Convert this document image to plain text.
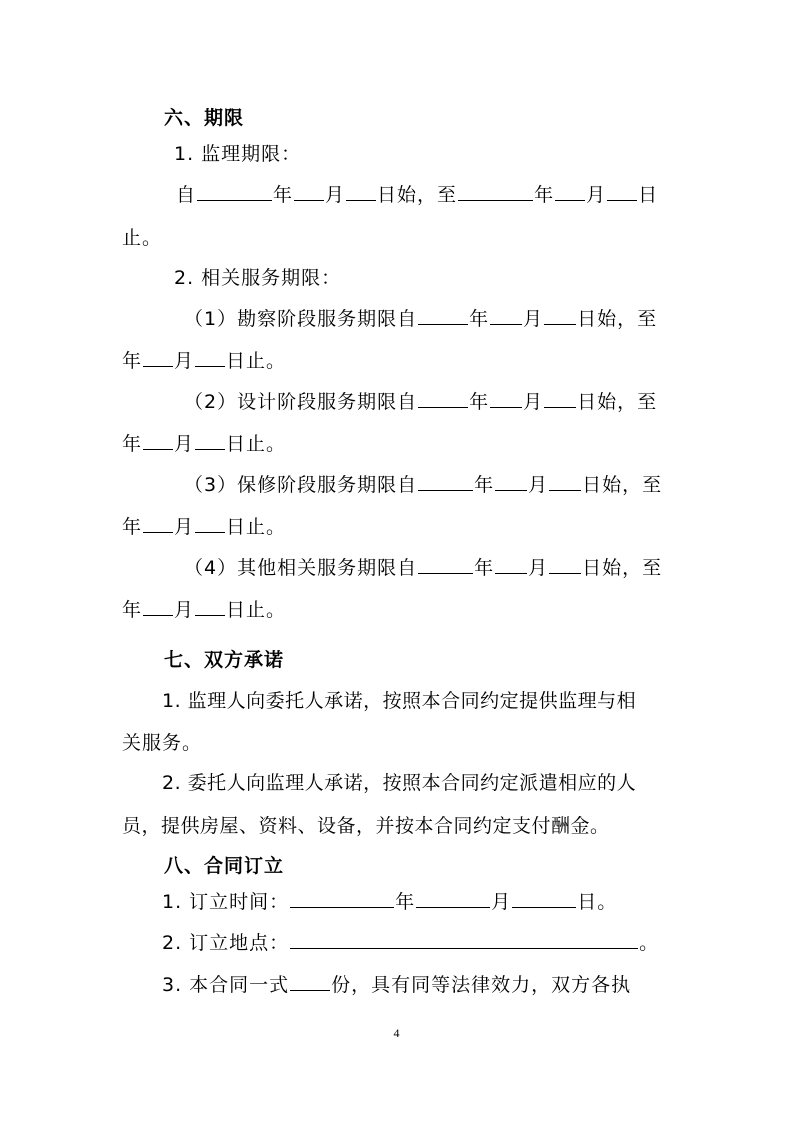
六、期限
1. 监理期限：
自	年 月 日始，至	年 月 日
止。
2. 相关服务期限：
（1）勘察阶段服务期限自	年 月 日始，至
年 月 日止。
（2）设计阶段服务期限自	年 月 日始，至
年 月 日止。
（3）保修阶段服务期限自	年 月 日始，至
年 月 日止。
（4）其他相关服务期限自	年 月 日始，至
年 月 日止。
七、双方承诺
1. 监理人向委托人承诺，按照本合同约定提供监理与相
关服务。
2. 委托人向监理人承诺，按照本合同约定派遣相应的人
员，提供房屋、资料、设备，并按本合同约定支付酬金。
八、合同订立
1. 订立时间：	年	月	日。
2. 订立地点：	。
3. 本合同一式 份，具有同等法律效力，双方各执
4
